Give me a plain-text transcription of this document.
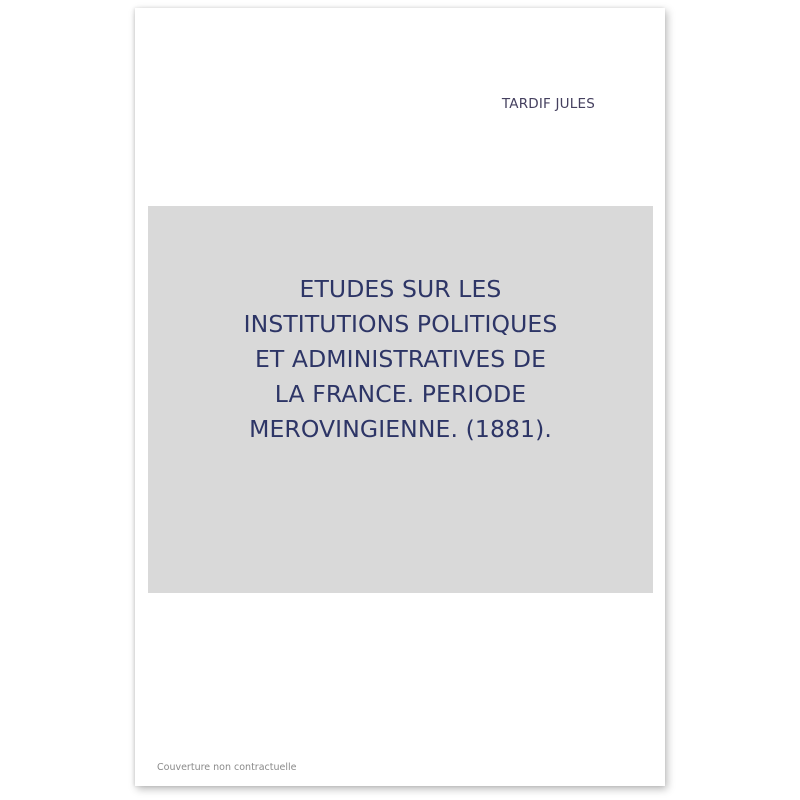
TARDIF JULES
ETUDES SUR LES
INSTITUTIONS POLITIQUES
ET ADMINISTRATIVES DE
LA FRANCE. PERIODE
MEROVINGIENNE. (1881).
Couverture non contractuelle
